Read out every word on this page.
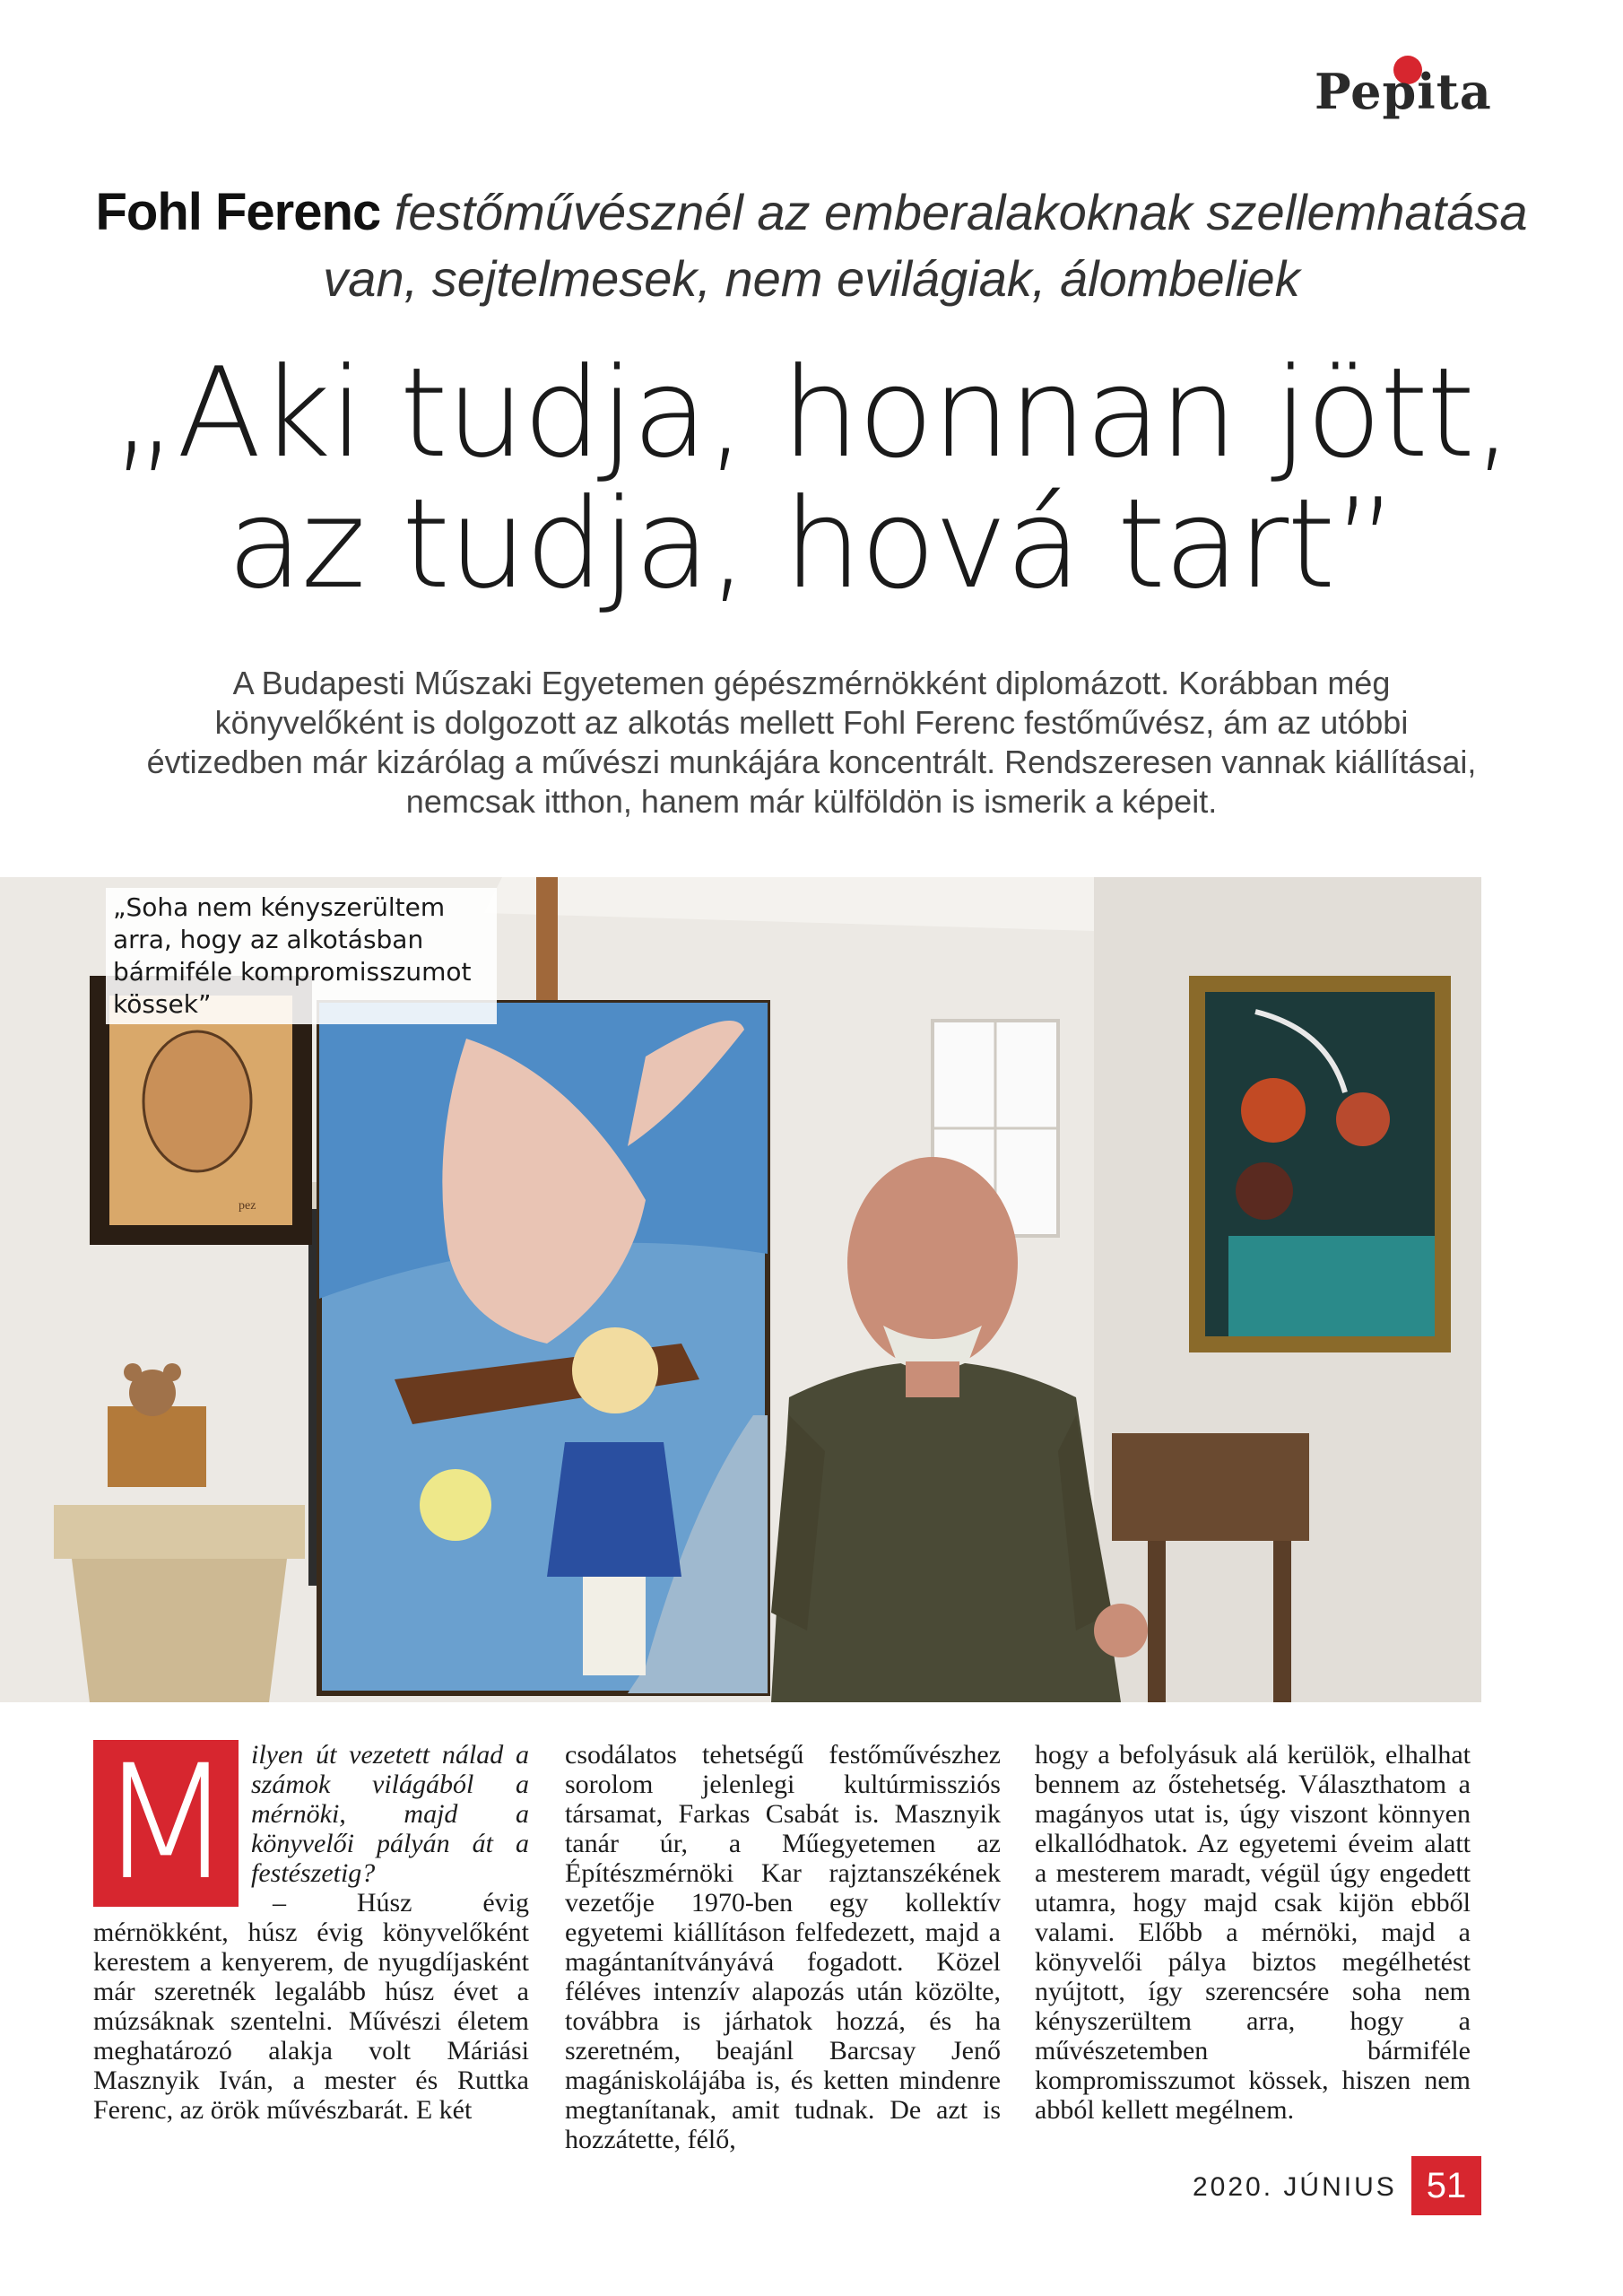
Pepita
Fohl Ferenc festőművésznél az emberalakoknak szellemhatása van, sejtelmesek, nem evilágiak, álombeliek
„Aki tudja, honnan jött,
az tudja, hová tart”
A Budapesti Műszaki Egyetemen gépészmérnökként diplomázott. Korábban még könyvelőként is dolgozott az alkotás mellett Fohl Ferenc festőművész, ám az utóbbi évtizedben már kizárólag a művészi munkájára koncentrált. Rendszeresen vannak kiállításai, nemcsak itthon, hanem már külföldön is ismerik a képeit.
pez
„Soha nem kényszerültem arra, hogy az alkotásban bármiféle kompromisszumot kössek”
M ilyen út vezetett nálad a számok világából a mérnöki, majd a könyvelői pályán át a festészetig?

– Húsz évig mérnökként, húsz évig könyvelőként kerestem a kenyerem, de nyugdíjasként már szeretnék legalább húsz évet a múzsáknak szentelni. Művészi életem meghatározó alakja volt Máriási Masznyik Iván, a mester és Ruttka Ferenc, az örök művészbarát. E két

csodálatos tehetségű festőművészhez sorolom jelenlegi kultúrmissziós társamat, Farkas Csabát is. Masznyik tanár úr, a Műegyetemen az Építészmérnöki Kar rajztanszékének vezetője 1970-ben egy kollektív egyetemi kiállításon felfedezett, majd a magántanítványává fogadott. Közel féléves intenzív alapozás után közölte, továbbra is járhatok hozzá, és ha szeretném, beajánl Barcsay Jenő magániskolájába is, és ketten mindenre megtanítanak, amit tudnak. De azt is hozzátette, félő,

hogy a befolyásuk alá kerülök, elhalhat bennem az őstehetség. Választhatom a magányos utat is, úgy viszont könnyen elkallódhatok. Az egyetemi éveim alatt a mesterem maradt, végül úgy engedett utamra, hogy majd csak kijön ebből valami. Előbb a mérnöki, majd a könyvelői pálya biztos megélhetést nyújtott, így szerencsére soha nem kényszerültem arra, hogy a művészetemben bármiféle kompromisszumot kössek, hiszen nem abból kellett megélnem.

2020. JÚNIUS 51
